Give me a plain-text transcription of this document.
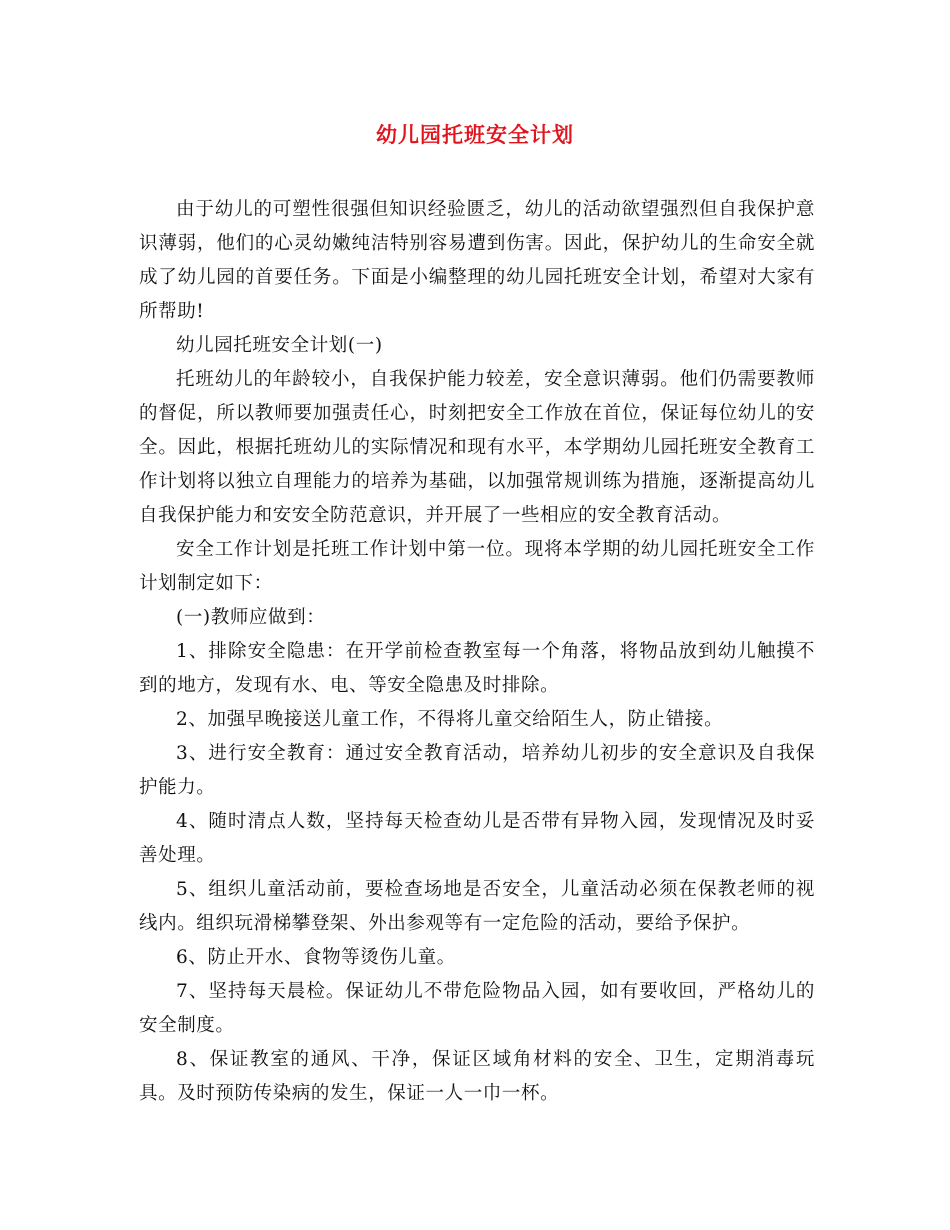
幼儿园托班安全计划

由于幼儿的可塑性很强但知识经验匮乏，幼儿的活动欲望强烈但自我保护意识薄弱，他们的心灵幼嫩纯洁特别容易遭到伤害。因此，保护幼儿的生命安全就成了幼儿园的首要任务。下面是小编整理的幼儿园托班安全计划，希望对大家有所帮助!

幼儿园托班安全计划(一)

托班幼儿的年龄较小，自我保护能力较差，安全意识薄弱。他们仍需要教师的督促，所以教师要加强责任心，时刻把安全工作放在首位，保证每位幼儿的安全。因此，根据托班幼儿的实际情况和现有水平，本学期幼儿园托班安全教育工作计划将以独立自理能力的培养为基础，以加强常规训练为措施，逐渐提高幼儿自我保护能力和安安全防范意识，并开展了一些相应的安全教育活动。

安全工作计划是托班工作计划中第一位。现将本学期的幼儿园托班安全工作计划制定如下：

(一)教师应做到：

1、排除安全隐患：在开学前检查教室每一个角落，将物品放到幼儿触摸不到的地方，发现有水、电、等安全隐患及时排除。

2、加强早晚接送儿童工作，不得将儿童交给陌生人，防止错接。

3、进行安全教育：通过安全教育活动，培养幼儿初步的安全意识及自我保护能力。

4、随时清点人数，坚持每天检查幼儿是否带有异物入园，发现情况及时妥善处理。

5、组织儿童活动前，要检查场地是否安全，儿童活动必须在保教老师的视线内。组织玩滑梯攀登架、外出参观等有一定危险的活动，要给予保护。

6、防止开水、食物等烫伤儿童。

7、坚持每天晨检。保证幼儿不带危险物品入园，如有要收回，严格幼儿的安全制度。

8、保证教室的通风、干净，保证区域角材料的安全、卫生，定期消毒玩具。及时预防传染病的发生，保证一人一巾一杯。
